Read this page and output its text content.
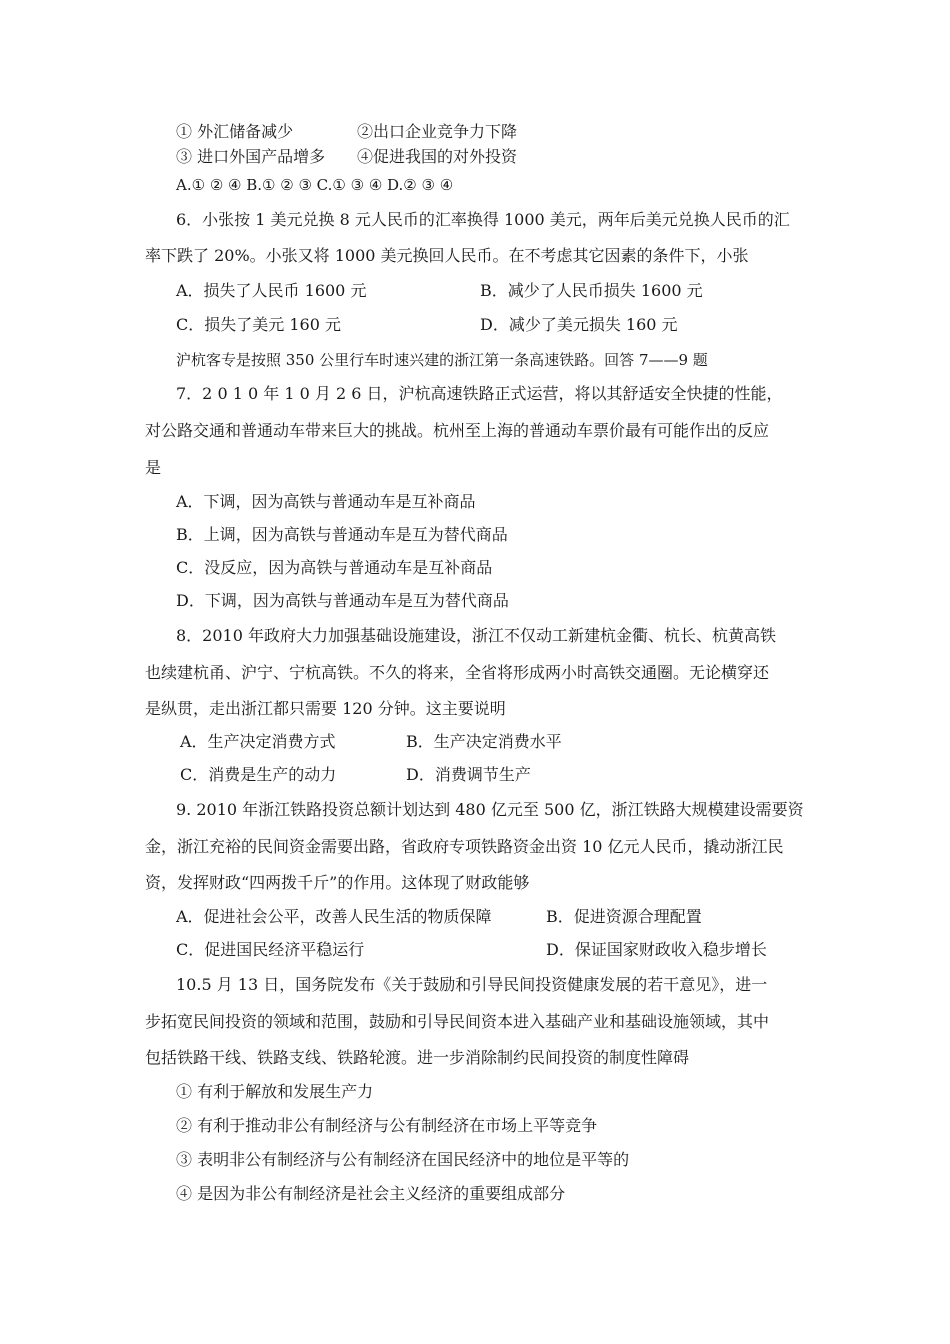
① 外汇储备减少	②出口企业竞争力下降
③ 进口外国产品增多 ④促进我国的对外投资
A.① ② ④ B.① ② ③ C.① ③ ④ D.② ③ ④
6．小张按 1 美元兑换 8 元人民币的汇率换得 1000 美元，两年后美元兑换人民币的汇
率下跌了 20%。小张又将 1000 美元换回人民币。在不考虑其它因素的条件下，小张
A．损失了人民币 1600 元	B．减少了人民币损失 1600 元
C．损失了美元 160 元	D．减少了美元损失 160 元
沪杭客专是按照 350 公里行车时速兴建的浙江第一条高速铁路。回答 7——9 题
7．2 0 1 0 年 1 0 月 2 6 日，沪杭高速铁路正式运营，将以其舒适安全快捷的性能，
对公路交通和普通动车带来巨大的挑战。杭州至上海的普通动车票价最有可能作出的反应
是
A．下调，因为高铁与普通动车是互补商品
B．上调，因为高铁与普通动车是互为替代商品
C．没反应，因为高铁与普通动车是互补商品
D．下调，因为高铁与普通动车是互为替代商品
8．2010 年政府大力加强基础设施建设，浙江不仅动工新建杭金衢、杭长、杭黄高铁
也续建杭甬、沪宁、宁杭高铁。不久的将来，全省将形成两小时高铁交通圈。无论横穿还
是纵贯，走出浙江都只需要 120 分钟。这主要说明
A．生产决定消费方式	B．生产决定消费水平
C．消费是生产的动力	D．消费调节生产
9. 2010 年浙江铁路投资总额计划达到 480 亿元至 500 亿，浙江铁路大规模建设需要资
金，浙江充裕的民间资金需要出路，省政府专项铁路资金出资 10 亿元人民币，撬动浙江民
资，发挥财政“四两拨千斤”的作用。这体现了财政能够
A．促进社会公平，改善人民生活的物质保障	B．促进资源合理配置
C．促进国民经济平稳运行	D．保证国家财政收入稳步增长
10.5 月 13 日，国务院发布《关于鼓励和引导民间投资健康发展的若干意见》，进一
步拓宽民间投资的领域和范围，鼓励和引导民间资本进入基础产业和基础设施领域，其中
包括铁路干线、铁路支线、铁路轮渡。进一步消除制约民间投资的制度性障碍
① 有利于解放和发展生产力
② 有利于推动非公有制经济与公有制经济在市场上平等竞争
③ 表明非公有制经济与公有制经济在国民经济中的地位是平等的
④ 是因为非公有制经济是社会主义经济的重要组成部分
